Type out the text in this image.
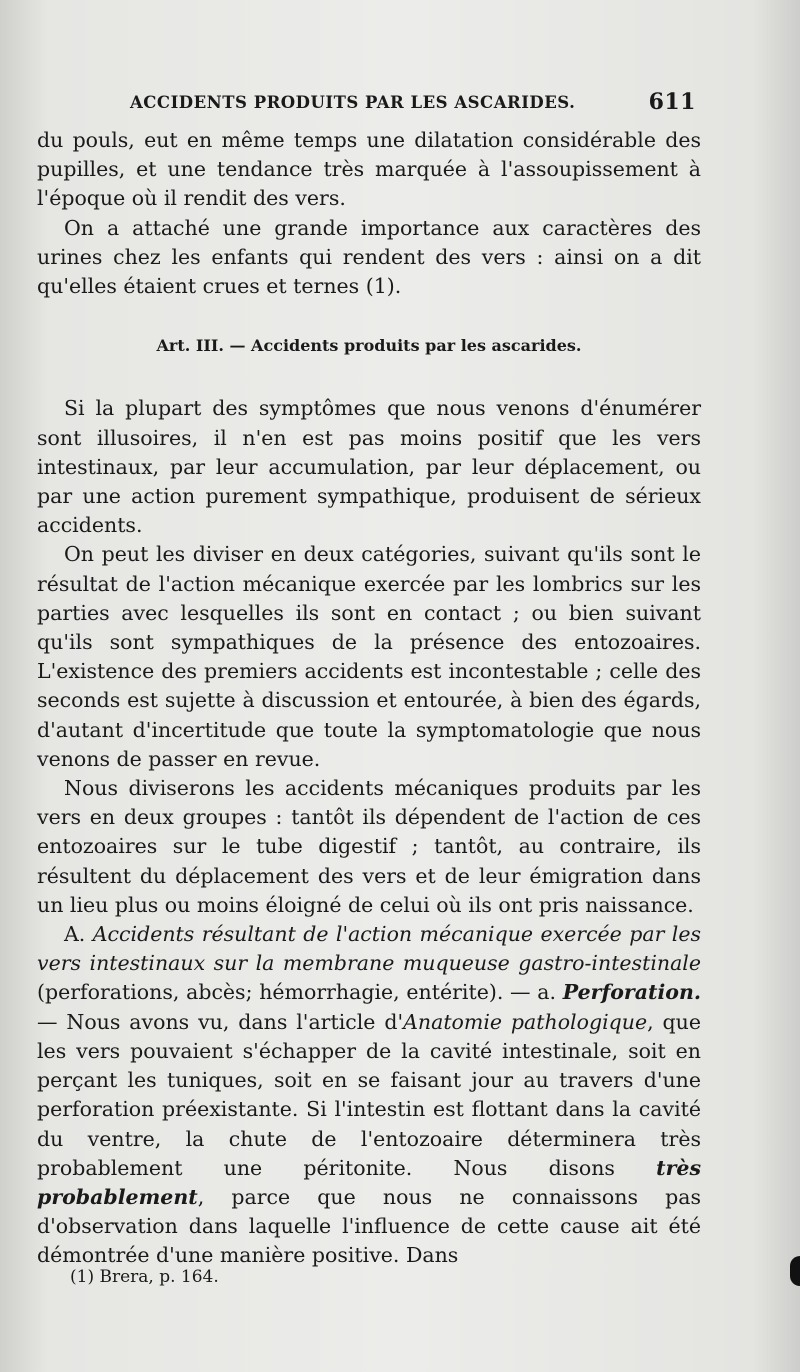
ACCIDENTS PRODUITS PAR LES ASCARIDES.	611

du pouls, eut en même temps une dilatation considérable des pupilles, et une tendance très marquée à l'assoupissement à l'époque où il rendit des vers.

On a attaché une grande importance aux caractères des urines chez les enfants qui rendent des vers : ainsi on a dit qu'elles étaient crues et ternes (1).

Art. III. — Accidents produits par les ascarides.

Si la plupart des symptômes que nous venons d'énumérer sont illusoires, il n'en est pas moins positif que les vers intestinaux, par leur accumulation, par leur déplacement, ou par une action purement sympathique, produisent de sérieux accidents.

On peut les diviser en deux catégories, suivant qu'ils sont le résultat de l'action mécanique exercée par les lombrics sur les parties avec lesquelles ils sont en contact ; ou bien suivant qu'ils sont sympathiques de la présence des entozoaires. L'existence des premiers accidents est incontestable ; celle des seconds est sujette à discussion et entourée, à bien des égards, d'autant d'incertitude que toute la symptomatologie que nous venons de passer en revue.

Nous diviserons les accidents mécaniques produits par les vers en deux groupes : tantôt ils dépendent de l'action de ces entozoaires sur le tube digestif ; tantôt, au contraire, ils résultent du déplacement des vers et de leur émigration dans un lieu plus ou moins éloigné de celui où ils ont pris naissance.

A. Accidents résultant de l'action mécanique exercée par les vers intestinaux sur la membrane muqueuse gastro-intestinale (perforations, abcès; hémorrhagie, entérite). — a. Perforation. — Nous avons vu, dans l'article d'Anatomie pathologique, que les vers pouvaient s'échapper de la cavité intestinale, soit en perçant les tuniques, soit en se faisant jour au travers d'une perforation préexistante. Si l'intestin est flottant dans la cavité du ventre, la chute de l'entozoaire déterminera très probablement une péritonite. Nous disons très probablement, parce que nous ne connaissons pas d'observation dans laquelle l'influence de cette cause ait été démontrée d'une manière positive. Dans

(1) Brera, p. 164.
